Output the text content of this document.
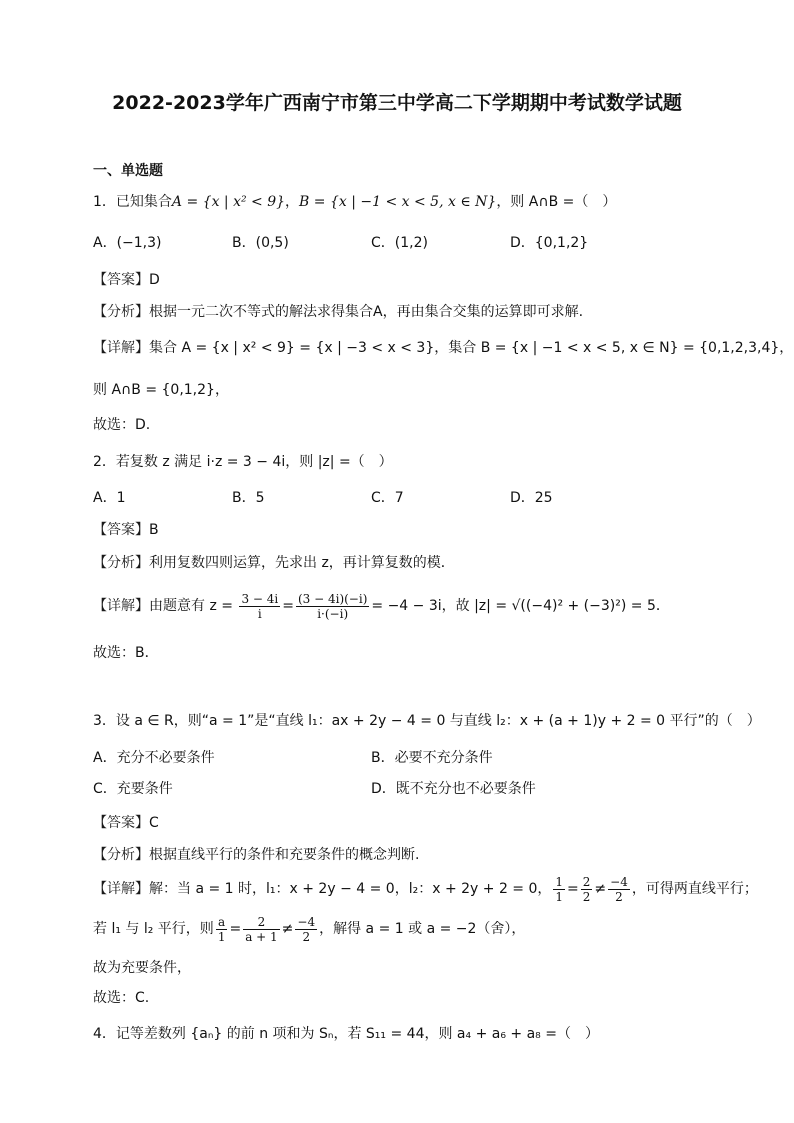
2022-2023学年广西南宁市第三中学高二下学期期中考试数学试题
一、单选题
1．已知集合A = {x | x² < 9}，B = {x | −1 < x < 5, x ∈ N}，则 A∩B =（　）
A．(−1,3)	B．(0,5)	C．(1,2)	D．{0,1,2}
【答案】D
【分析】根据一元二次不等式的解法求得集合A，再由集合交集的运算即可求解.
【详解】集合 A = {x | x² < 9} = {x | −3 < x < 3}，集合 B = {x | −1 < x < 5, x ∈ N} = {0,1,2,3,4}，
则 A∩B = {0,1,2}，
故选：D.
2．若复数 z 满足 i·z = 3 − 4i，则 |z| =（　）
A．1	B．5	C．7	D．25
【答案】B
【分析】利用复数四则运算，先求出 z，再计算复数的模．
【详解】由题意有 $z = \frac{3 - 4i}{i} = \frac{(3 - 4i)(-i)}{i\cdot(-i)} = -4 - 3i$，故 |z| = √((−4)² + (−3)²) = 5．
故选：B．
3．设 a ∈ R，则“a = 1”是“直线 l₁：ax + 2y − 4 = 0 与直线 l₂：x + (a + 1)y + 2 = 0 平行”的（　）
A．充分不必要条件	B．必要不充分条件
C．充要条件	D．既不充分也不必要条件
【答案】C
【分析】根据直线平行的条件和充要条件的概念判断.
【详解】解：当 a = 1 时，l₁：x + 2y − 4 = 0，l₂：x + 2y + 2 = 0， $\frac{1}{1} = \frac{2}{2} \ne \frac{-4}{2}$ ，可得两直线平行；
若 l₁ 与 l₂ 平行，则 $\frac{a}{1} = \frac{2}{a + 1} \ne \frac{-4}{2}$ ，解得 a = 1 或 a = −2（舍），
故为充要条件，
故选：C.
4．记等差数列 {aₙ} 的前 n 项和为 Sₙ，若 S₁₁ = 44，则 a₄ + a₆ + a₈ =（　）
